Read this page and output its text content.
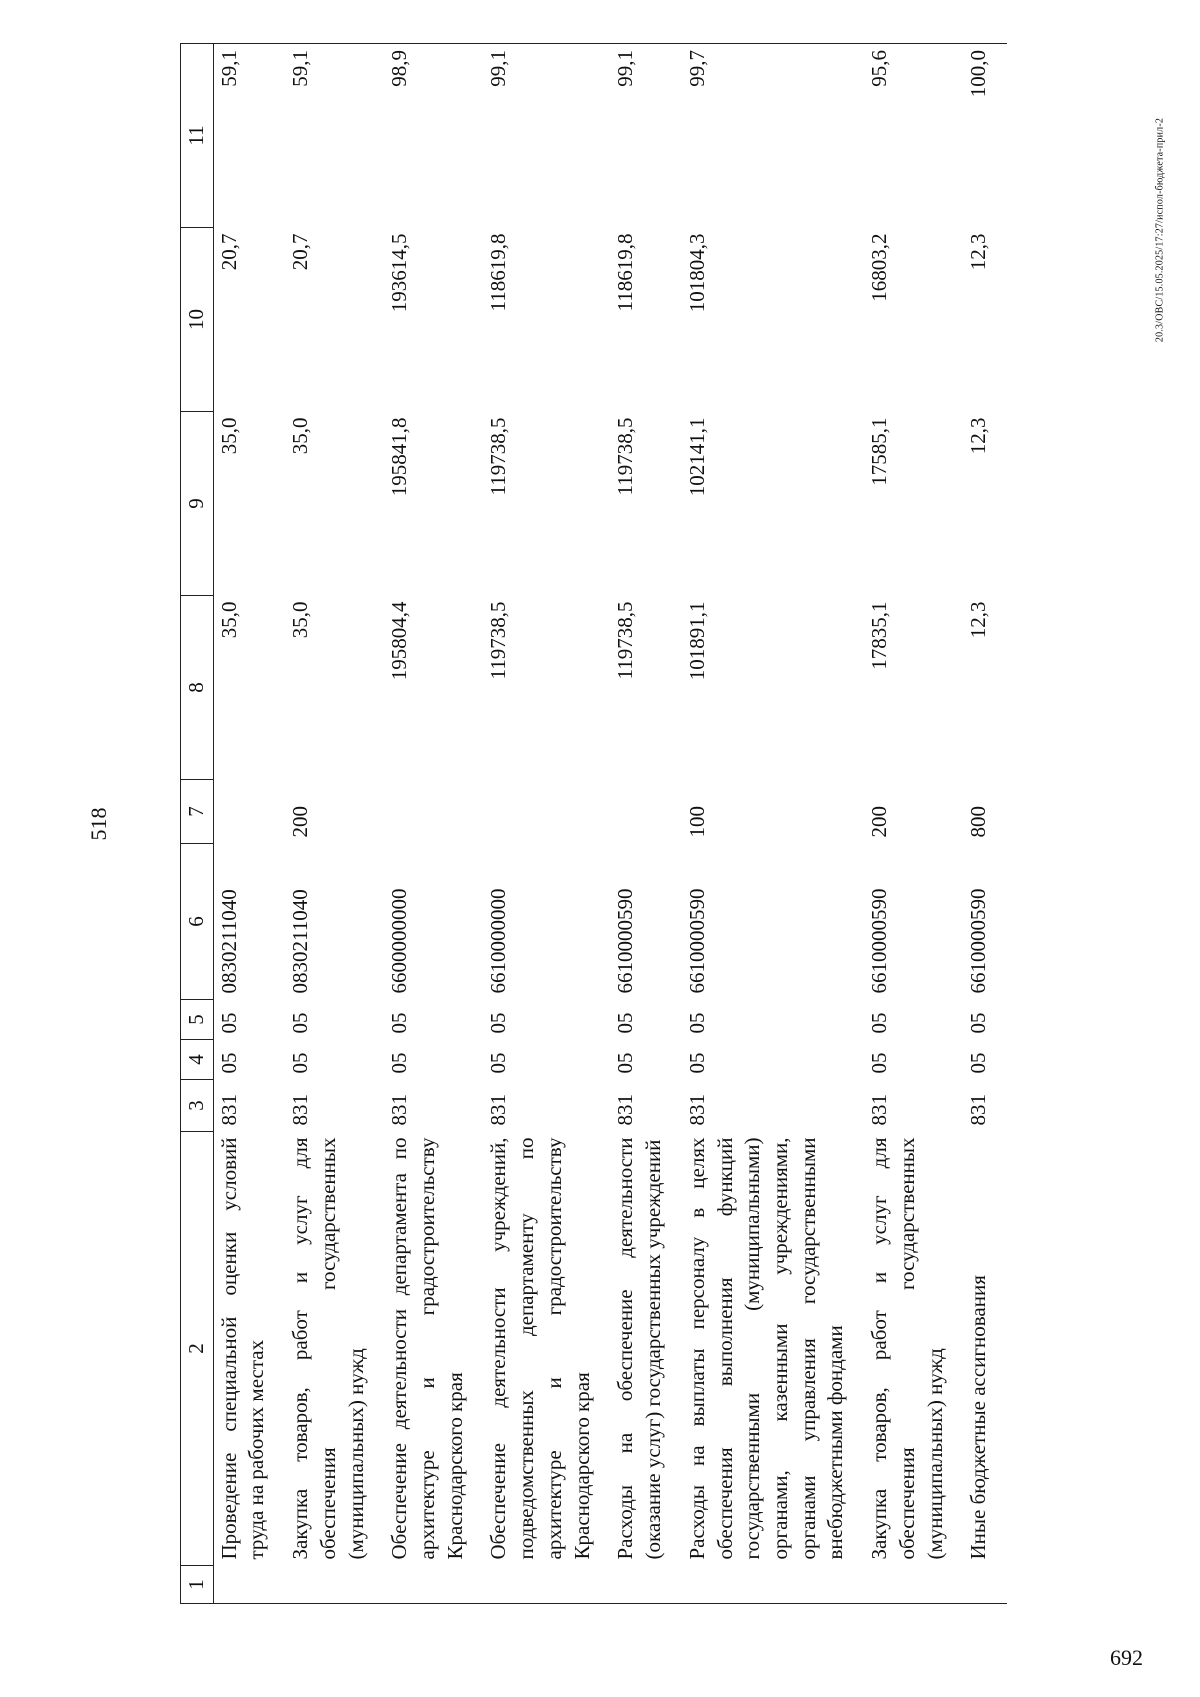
518
1	2	3	4	5	6	7	8	9	10	11
	Проведение специальной оценки условий труда на рабочих местах	831	05	05	0830211040		35,0	35,0	20,7	59,1
	Закупка товаров, работ и услуг для обеспечения государственных (муниципальных) нужд	831	05	05	0830211040	200	35,0	35,0	20,7	59,1
	Обеспечение деятельности департамента по архитектуре и градостроительству Краснодарского края	831	05	05	6600000000		195804,4	195841,8	193614,5	98,9
	Обеспечение деятельности учреждений, подведомственных департаменту по архитектуре и градостроительству Краснодарского края	831	05	05	6610000000		119738,5	119738,5	118619,8	99,1
	Расходы на обеспечение деятельности (оказание услуг) государственных учреждений	831	05	05	6610000590		119738,5	119738,5	118619,8	99,1
	Расходы на выплаты персоналу в целях обеспечения выполнения функций государственными (муниципальными) органами, казенными учреждениями, органами управления государственными внебюджетными фондами	831	05	05	6610000590	100	101891,1	102141,1	101804,3	99,7
	Закупка товаров, работ и услуг для обеспечения государственных (муниципальных) нужд	831	05	05	6610000590	200	17835,1	17585,1	16803,2	95,6
	Иные бюджетные ассигнования	831	05	05	6610000590	800	12,3	12,3	12,3	100,0
20.3/OBC/15.05.2025/17:27/испол-бюджета-прил-2
692
